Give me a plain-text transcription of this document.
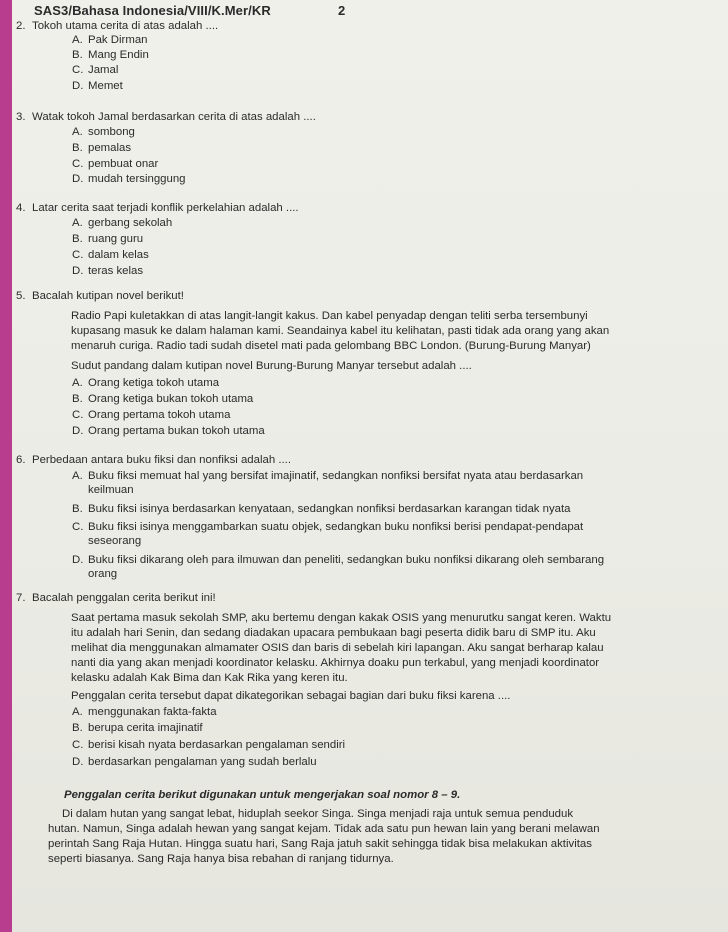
SAS3/Bahasa Indonesia/VIII/K.Mer/KR	2
2. Tokoh utama cerita di atas adalah ....
A. Pak Dirman
B. Mang Endin
C. Jamal
D. Memet
3. Watak tokoh Jamal berdasarkan cerita di atas adalah ....
A. sombong
B. pemalas
C. pembuat onar
D. mudah tersinggung
4. Latar cerita saat terjadi konflik perkelahian adalah ....
A. gerbang sekolah
B. ruang guru
C. dalam kelas
D. teras kelas
5. Bacalah kutipan novel berikut!
Radio Papi kuletakkan di atas langit-langit kakus. Dan kabel penyadap dengan teliti serba tersembunyi
kupasang masuk ke dalam halaman kami. Seandainya kabel itu kelihatan, pasti tidak ada orang yang akan
menaruh curiga. Radio tadi sudah disetel mati pada gelombang BBC London. (Burung-Burung Manyar)
Sudut pandang dalam kutipan novel Burung-Burung Manyar tersebut adalah ....
A. Orang ketiga tokoh utama
B. Orang ketiga bukan tokoh utama
C. Orang pertama tokoh utama
D. Orang pertama bukan tokoh utama
6. Perbedaan antara buku fiksi dan nonfiksi adalah ....
A. Buku fiksi memuat hal yang bersifat imajinatif, sedangkan nonfiksi bersifat nyata atau berdasarkan
keilmuan
B. Buku fiksi isinya berdasarkan kenyataan, sedangkan nonfiksi berdasarkan karangan tidak nyata
C. Buku fiksi isinya menggambarkan suatu objek, sedangkan buku nonfiksi berisi pendapat-pendapat
seseorang
D. Buku fiksi dikarang oleh para ilmuwan dan peneliti, sedangkan buku nonfiksi dikarang oleh sembarang
orang
7. Bacalah penggalan cerita berikut ini!
Saat pertama masuk sekolah SMP, aku bertemu dengan kakak OSIS yang menurutku sangat keren. Waktu
itu adalah hari Senin, dan sedang diadakan upacara pembukaan bagi peserta didik baru di SMP itu. Aku
melihat dia menggunakan almamater OSIS dan baris di sebelah kiri lapangan. Aku sangat berharap kalau
nanti dia yang akan menjadi koordinator kelasku. Akhirnya doaku pun terkabul, yang menjadi koordinator
kelasku adalah Kak Bima dan Kak Rika yang keren itu.
Penggalan cerita tersebut dapat dikategorikan sebagai bagian dari buku fiksi karena ....
A. menggunakan fakta-fakta
B. berupa cerita imajinatif
C. berisi kisah nyata berdasarkan pengalaman sendiri
D. berdasarkan pengalaman yang sudah berlalu
Penggalan cerita berikut digunakan untuk mengerjakan soal nomor 8 – 9.
Di dalam hutan yang sangat lebat, hiduplah seekor Singa. Singa menjadi raja untuk semua penduduk
hutan. Namun, Singa adalah hewan yang sangat kejam. Tidak ada satu pun hewan lain yang berani melawan
perintah Sang Raja Hutan. Hingga suatu hari, Sang Raja jatuh sakit sehingga tidak bisa melakukan aktivitas
seperti biasanya. Sang Raja hanya bisa rebahan di ranjang tidurnya.
